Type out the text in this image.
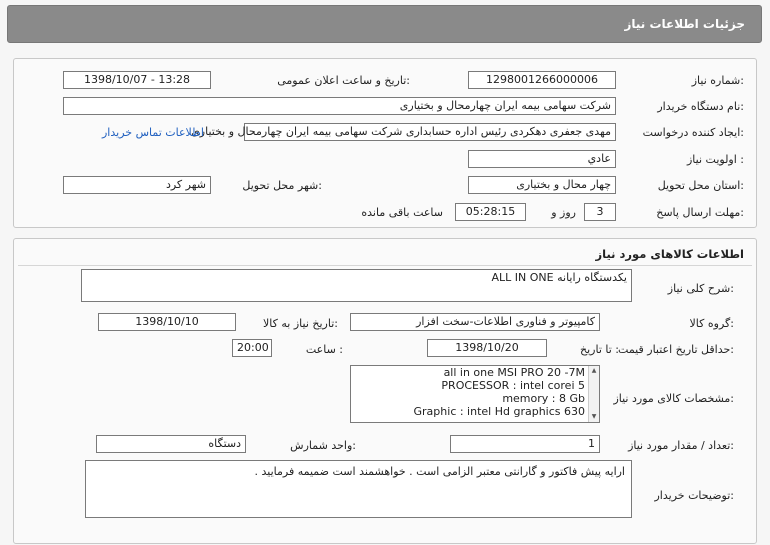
جزئیات اطلاعات نیاز
شماره نیاز:
1298001266000006
تاریخ و ساعت اعلان عمومی:
1398/10/07 - 13:28
نام دستگاه خریدار:
شرکت سهامی بیمه ایران چهارمحال و بختیاری
ایجاد کننده درخواست:
مهدی جعفری دهکردی رئیس اداره حسابداری شرکت سهامی بیمه ایران چهارمحال و بختیاری
اطلاعات تماس خریدار
اولویت نیاز :
عادي
استان محل تحویل:
چهار محال و بختیاری
شهر محل تحویل:
شهر کرد
مهلت ارسال پاسخ:
3
روز و
05:28:15
ساعت باقی مانده
اطلاعات کالاهای مورد نیاز
شرح کلی نیاز:
یکدستگاه رایانه ALL IN ONE
گروه کالا:
کامپیوتر و فناوری اطلاعات-سخت افزار
تاریخ نیاز به کالا:
1398/10/10
حداقل تاریخ اعتبار قیمت:
تا تاریخ :
1398/10/20
ساعت :
20:00
مشخصات کالای مورد نیاز:
all in one MSI PRO 20 -7M
PROCESSOR : intel corei 5
memory : 8 Gb
Graphic : intel Hd graphics 630
▲
▼
تعداد / مقدار مورد نیاز:
1
واحد شمارش:
دستگاه
توضیحات خریدار:
ارایه پیش فاکتور و گارانتی معتبر الزامی است . خواهشمند است ضمیمه فرمایید .
